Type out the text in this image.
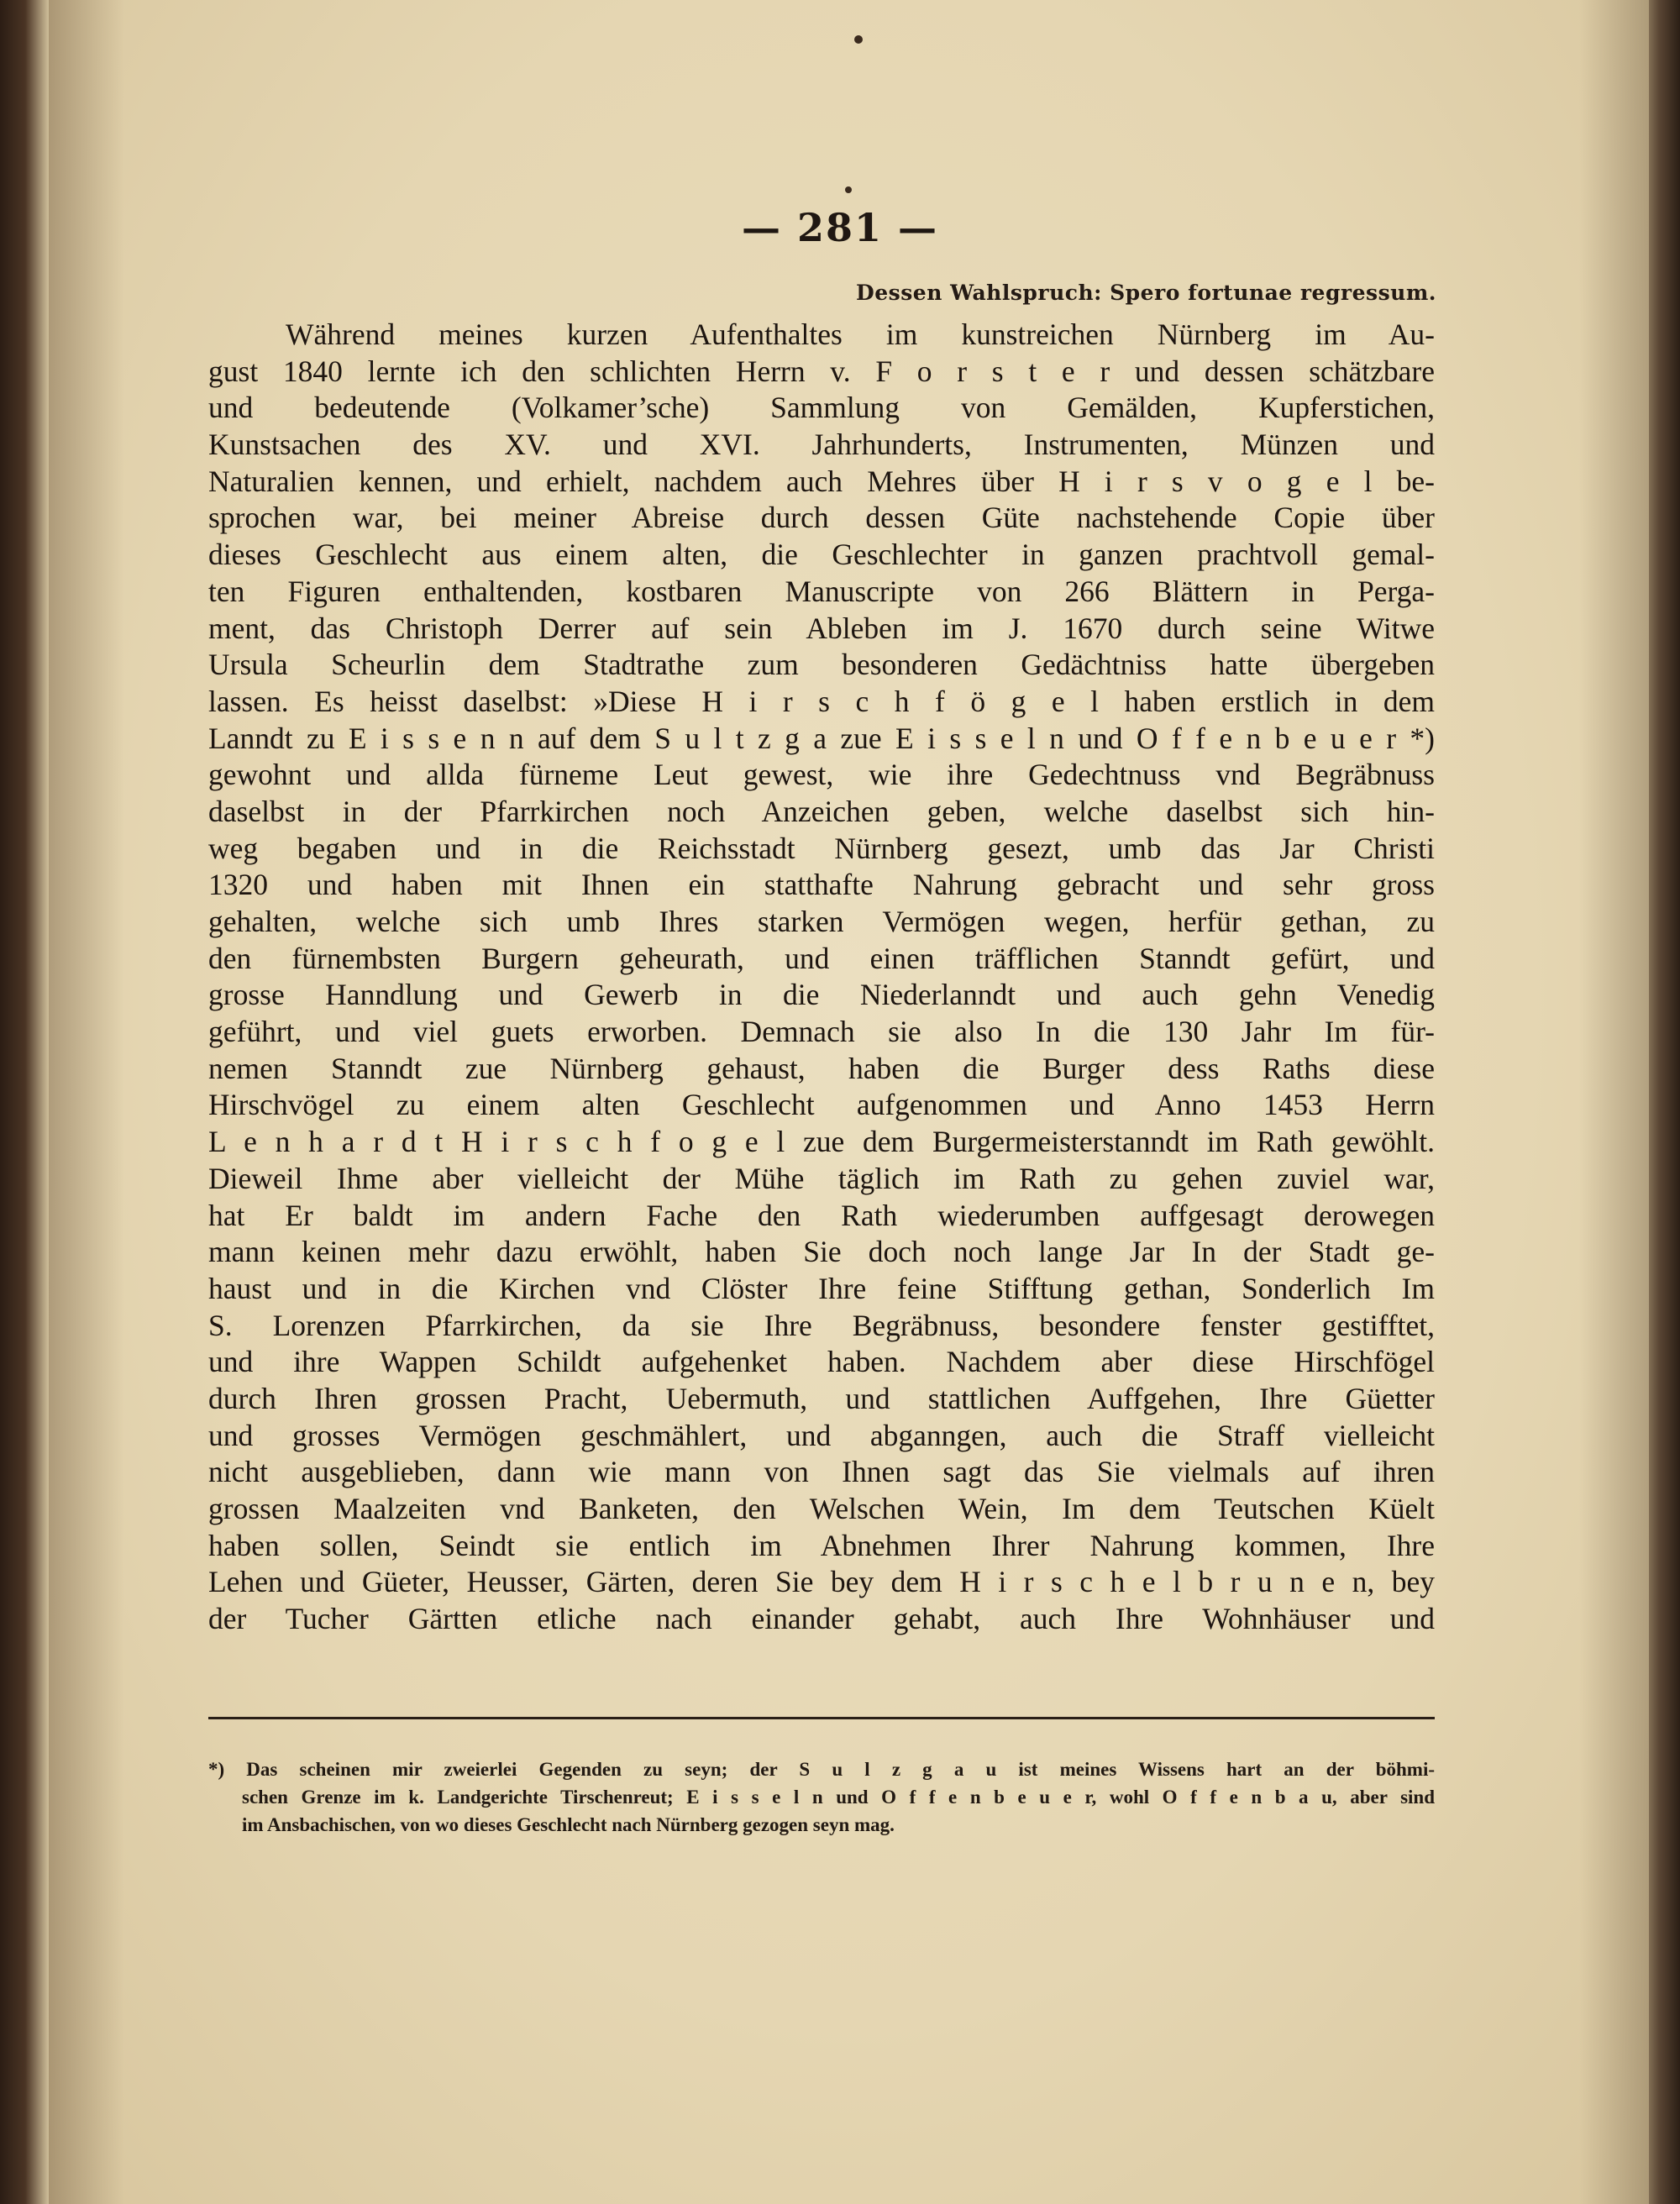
— 281 —
Dessen Wahlspruch: Spero fortunae regressum.
Während meines kurzen Aufenthaltes im kunstreichen Nürnberg im Au-
gust 1840 lernte ich den schlichten Herrn v. F o r s t e r und dessen schätzbare
und bedeutende (Volkamer’sche) Sammlung von Gemälden, Kupferstichen,
Kunstsachen des XV. und XVI. Jahrhunderts, Instrumenten, Münzen und
Naturalien kennen, und erhielt, nachdem auch Mehres über H i r s v o g e l be-
sprochen war, bei meiner Abreise durch dessen Güte nachstehende Copie über
dieses Geschlecht aus einem alten, die Geschlechter in ganzen prachtvoll gemal-
ten Figuren enthaltenden, kostbaren Manuscripte von 266 Blättern in Perga-
ment, das Christoph Derrer auf sein Ableben im J. 1670 durch seine Witwe
Ursula Scheurlin dem Stadtrathe zum besonderen Gedächtniss hatte übergeben
lassen. Es heisst daselbst: »Diese H i r s c h f ö g e l haben erstlich in dem
Lanndt zu E i s s e n n auf dem S u l t z g a zue E i s s e l n und O f f e n b e u e r *)
gewohnt und allda fürneme Leut gewest, wie ihre Gedechtnuss vnd Begräbnuss
daselbst in der Pfarrkirchen noch Anzeichen geben, welche daselbst sich hin-
weg begaben und in die Reichsstadt Nürnberg gesezt, umb das Jar Christi
1320 und haben mit Ihnen ein statthafte Nahrung gebracht und sehr gross
gehalten, welche sich umb Ihres starken Vermögen wegen, herfür gethan, zu
den fürnembsten Burgern geheurath, und einen träfflichen Stanndt gefürt, und
grosse Hanndlung und Gewerb in die Niederlanndt und auch gehn Venedig
geführt, und viel guets erworben. Demnach sie also In die 130 Jahr Im für-
nemen Stanndt zue Nürnberg gehaust, haben die Burger dess Raths diese
Hirschvögel zu einem alten Geschlecht aufgenommen und Anno 1453 Herrn
L e n h a r d t H i r s c h f o g e l zue dem Burgermeisterstanndt im Rath gewöhlt.
Dieweil Ihme aber vielleicht der Mühe täglich im Rath zu gehen zuviel war,
hat Er baldt im andern Fache den Rath wiederumben auffgesagt derowegen
mann keinen mehr dazu erwöhlt, haben Sie doch noch lange Jar In der Stadt ge-
haust und in die Kirchen vnd Clöster Ihre feine Stifftung gethan, Sonderlich Im
S. Lorenzen Pfarrkirchen, da sie Ihre Begräbnuss, besondere fenster gestifftet,
und ihre Wappen Schildt aufgehenket haben. Nachdem aber diese Hirschfögel
durch Ihren grossen Pracht, Uebermuth, und stattlichen Auffgehen, Ihre Güetter
und grosses Vermögen geschmählert, und abganngen, auch die Straff vielleicht
nicht ausgeblieben, dann wie mann von Ihnen sagt das Sie vielmals auf ihren
grossen Maalzeiten vnd Banketen, den Welschen Wein, Im dem Teutschen Küelt
haben sollen, Seindt sie entlich im Abnehmen Ihrer Nahrung kommen, Ihre
Lehen und Güeter, Heusser, Gärten, deren Sie bey dem H i r s c h e l b r u n e n, bey
der Tucher Gärtten etliche nach einander gehabt, auch Ihre Wohnhäuser und
*) Das scheinen mir zweierlei Gegenden zu seyn; der S u l z g a u ist meines Wissens hart an der böhmi-
schen Grenze im k. Landgerichte Tirschenreut; E i s s e l n und O f f e n b e u e r, wohl O f f e n b a u, aber sind
im Ansbachischen, von wo dieses Geschlecht nach Nürnberg gezogen seyn mag.
